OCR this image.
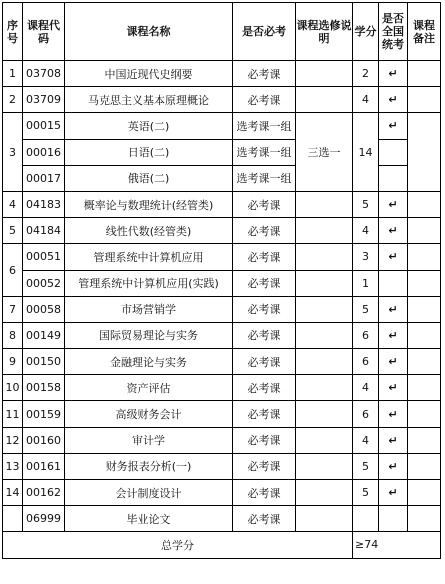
序号	课程代码	课程名称	是否必考	课程选修说明	学分	是否全国统考	课程备注
1	03708	中国近现代史纲要	必考课		2	↵	
2	03709	马克思主义基本原理概论	必考课		4	↵	
3	00015	英语(二)	选考课一组	三选一	14	↵	
	00016	日语(二)	选考课一组				
	00017	俄语(二)	选考课一组				
4	04183	概率论与数理统计(经管类)	必考课		5	↵	
5	04184	线性代数(经管类)	必考课		4	↵	
6	00051	管理系统中计算机应用	必考课		3	↵	
	00052	管理系统中计算机应用(实践)	必考课		1		
7	00058	市场营销学	必考课		5	↵	
8	00149	国际贸易理论与实务	必考课		6	↵	
9	00150	金融理论与实务	必考课		6	↵	
10	00158	资产评估	必考课		4	↵	
11	00159	高级财务会计	必考课		6	↵	
12	00160	审计学	必考课		4	↵	
13	00161	财务报表分析(一)	必考课		5	↵	
14	00162	会计制度设计	必考课		5	↵	
	06999	毕业论文	必考课				
总学分					≥74		
